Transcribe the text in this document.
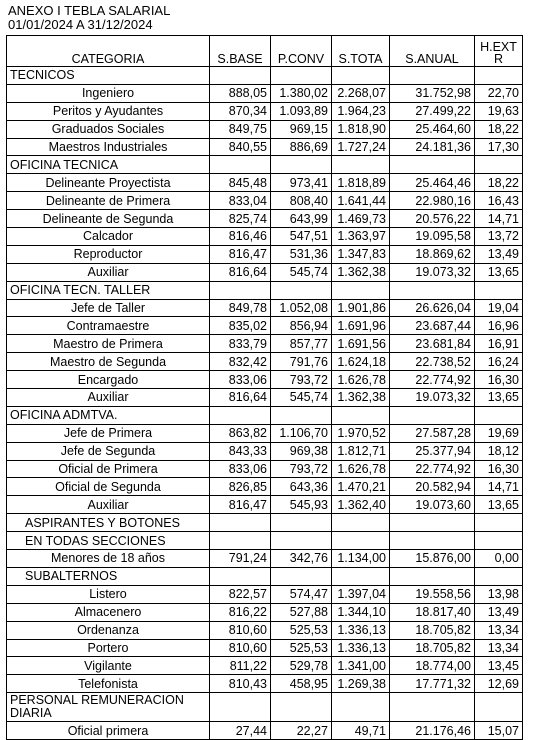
ANEXO I TEBLA SALARIAL
01/01/2024 A 31/12/2024
CATEGORIA	S.BASE	P.CONV	S.TOTA	S.ANUAL	H.EXT R
TECNICOS					
Ingeniero	888,05	1.380,02	2.268,07	31.752,98	22,70
Peritos y Ayudantes	870,34	1.093,89	1.964,23	27.499,22	19,63
Graduados Sociales	849,75	969,15	1.818,90	25.464,60	18,22
Maestros Industriales	840,55	886,69	1.727,24	24.181,36	17,30
OFICINA TECNICA					
Delineante Proyectista	845,48	973,41	1.818,89	25.464,46	18,22
Delineante de Primera	833,04	808,40	1.641,44	22.980,16	16,43
Delineante de Segunda	825,74	643,99	1.469,73	20.576,22	14,71
Calcador	816,46	547,51	1.363,97	19.095,58	13,72
Reproductor	816,47	531,36	1.347,83	18.869,62	13,49
Auxiliar	816,64	545,74	1.362,38	19.073,32	13,65
OFICINA TECN. TALLER					
Jefe de Taller	849,78	1.052,08	1.901,86	26.626,04	19,04
Contramaestre	835,02	856,94	1.691,96	23.687,44	16,96
Maestro de Primera	833,79	857,77	1.691,56	23.681,84	16,91
Maestro de Segunda	832,42	791,76	1.624,18	22.738,52	16,24
Encargado	833,06	793,72	1.626,78	22.774,92	16,30
Auxiliar	816,64	545,74	1.362,38	19.073,32	13,65
OFICINA ADMTVA.					
Jefe de Primera	863,82	1.106,70	1.970,52	27.587,28	19,69
Jefe de Segunda	843,33	969,38	1.812,71	25.377,94	18,12
Oficial de Primera	833,06	793,72	1.626,78	22.774,92	16,30
Oficial de Segunda	826,85	643,36	1.470,21	20.582,94	14,71
Auxiliar	816,47	545,93	1.362,40	19.073,60	13,65
ASPIRANTES Y BOTONES					
EN TODAS SECCIONES					
Menores de 18 años	791,24	342,76	1.134,00	15.876,00	0,00
SUBALTERNOS					
Listero	822,57	574,47	1.397,04	19.558,56	13,98
Almacenero	816,22	527,88	1.344,10	18.817,40	13,49
Ordenanza	810,60	525,53	1.336,13	18.705,82	13,34
Portero	810,60	525,53	1.336,13	18.705,82	13,34
Vigilante	811,22	529,78	1.341,00	18.774,00	13,45
Telefonista	810,43	458,95	1.269,38	17.771,32	12,69
PERSONAL REMUNERACION DIARIA					
Oficial primera	27,44	22,27	49,71	21.176,46	15,07
